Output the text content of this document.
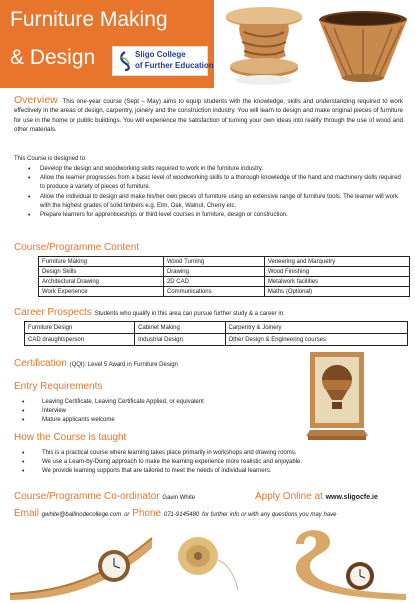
Furniture Making
& Design	Sligo College
of Further Education
Overview This one-year course (Sept – May) aims to equip students with the knowledge, skills and understanding required to work effectively in the areas of design, carpentry, joinery and the construction industry. You will learn to design and make original pieces of furniture for use in the home or public buildings. You will experience the satisfaction of turning your own ideas into reality through the use of wood and other materials.
This Course is designed to
• Develop the design and woodworking skills required to work in the furniture industry.
• Allow the learner progresses from a basic level of woodworking skills to a thorough knowledge of the hand and machinery skills required to produce a variety of pieces of furniture.
• Allow the individual to design and make his/her own pieces of furniture using an extensive range of furniture tools. The learner will work with the highest grades of solid timbers e.g. Elm, Oak, Walnut, Cherry etc.
• Prepare learners for apprenticeships or third level courses in furniture, design or construction.
Course/Programme Content
Furniture Making	Wood Turning	Veneering and Marquetry
Design Skills	Drawing	Wood Finishing
Architectural Drawing	2D CAD	Metalwork facilities
Work Experience	Communications	Maths (Optional)
Career Prospects Students who qualify in this area can pursue further study & a career in:
Furniture Design	Cabinet Making	Carpentry & Joinery
CAD draughtsperson	Industrial Design	Other Design & Engineering courses
Certification (QQI): Level 5 Award in Furniture Design
Entry Requirements
• Leaving Certificate, Leaving Certificate Applied, or equivalent
• Interview
• Mature applicants welcome
How the Course is taught
• This is a practical course where learning takes place primarily in workshops and drawing rooms.
• We use a Learn-by-Doing approach to make the learning experience more realistic and enjoyable.
• We provide learning supports that are tailored to meet the needs of individual learners.
Course/Programme Co-ordinator Gavin White	Apply Online at www.sligocfe.ie
Email gwhite@ballinodecollege.com or Phone 071-9145480 for further info or with any questions you may have
